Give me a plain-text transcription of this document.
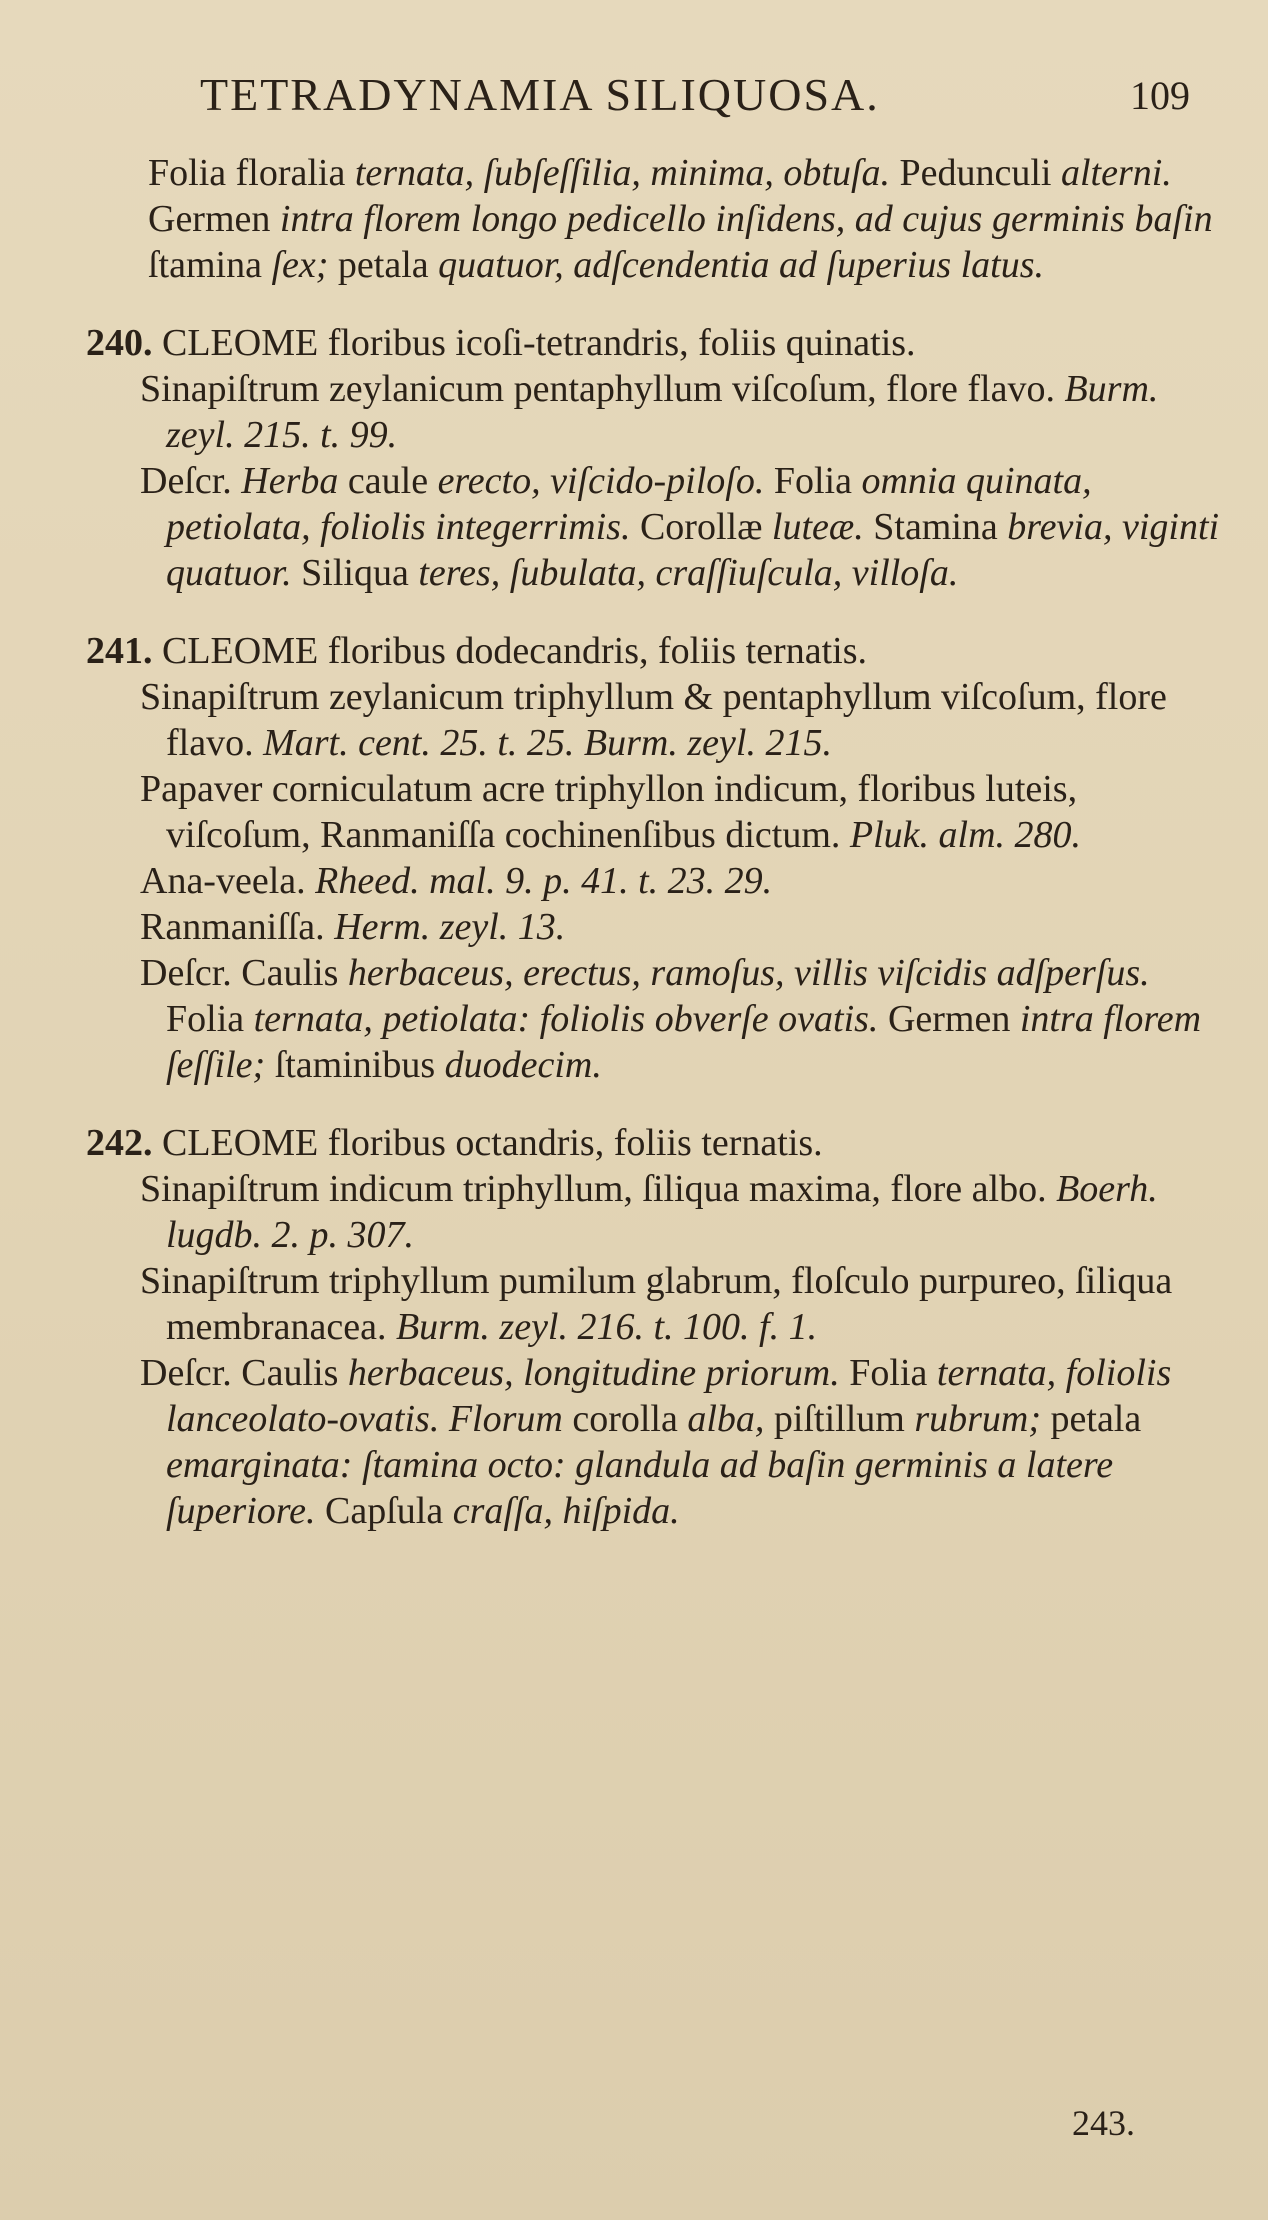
TETRADYNAMIA SILIQUOSA.	109

Folia floralia ternata, ſubſeſſilia, minima, obtuſa. Pedunculi alterni. Germen intra florem longo pedicello inſidens, ad cujus germinis baſin ſtamina ſex; petala quatuor, adſcendentia ad ſuperius latus.

240. CLEOME floribus icoſi-tetrandris, foliis quinatis.

Sinapiſtrum zeylanicum pentaphyllum viſcoſum, flore flavo. Burm. zeyl. 215. t. 99.

Deſcr. Herba caule erecto, viſcido-piloſo. Folia omnia quinata, petiolata, foliolis integerrimis. Corollæ luteæ. Stamina brevia, viginti quatuor. Siliqua teres, ſubulata, craſſiuſcula, villoſa.

241. CLEOME floribus dodecandris, foliis ternatis.

Sinapiſtrum zeylanicum triphyllum & pentaphyllum viſcoſum, flore flavo. Mart. cent. 25. t. 25. Burm. zeyl. 215.

Papaver corniculatum acre triphyllon indicum, floribus luteis, viſcoſum, Ranmaniſſa cochinenſibus dictum. Pluk. alm. 280.

Ana-veela. Rheed. mal. 9. p. 41. t. 23. 29.

Ranmaniſſa. Herm. zeyl. 13.

Deſcr. Caulis herbaceus, erectus, ramoſus, villis viſcidis adſperſus. Folia ternata, petiolata: foliolis obverſe ovatis. Germen intra florem ſeſſile; ſtaminibus duodecim.

242. CLEOME floribus octandris, foliis ternatis.

Sinapiſtrum indicum triphyllum, ſiliqua maxima, flore albo. Boerh. lugdb. 2. p. 307.

Sinapiſtrum triphyllum pumilum glabrum, floſculo purpureo, ſiliqua membranacea. Burm. zeyl. 216. t. 100. f. 1.

Deſcr. Caulis herbaceus, longitudine priorum. Folia ternata, foliolis lanceolato-ovatis. Florum corolla alba, piſtillum rubrum; petala emarginata: ſtamina octo: glandula ad baſin germinis a latere ſuperiore. Capſula craſſa, hiſpida.

243.
